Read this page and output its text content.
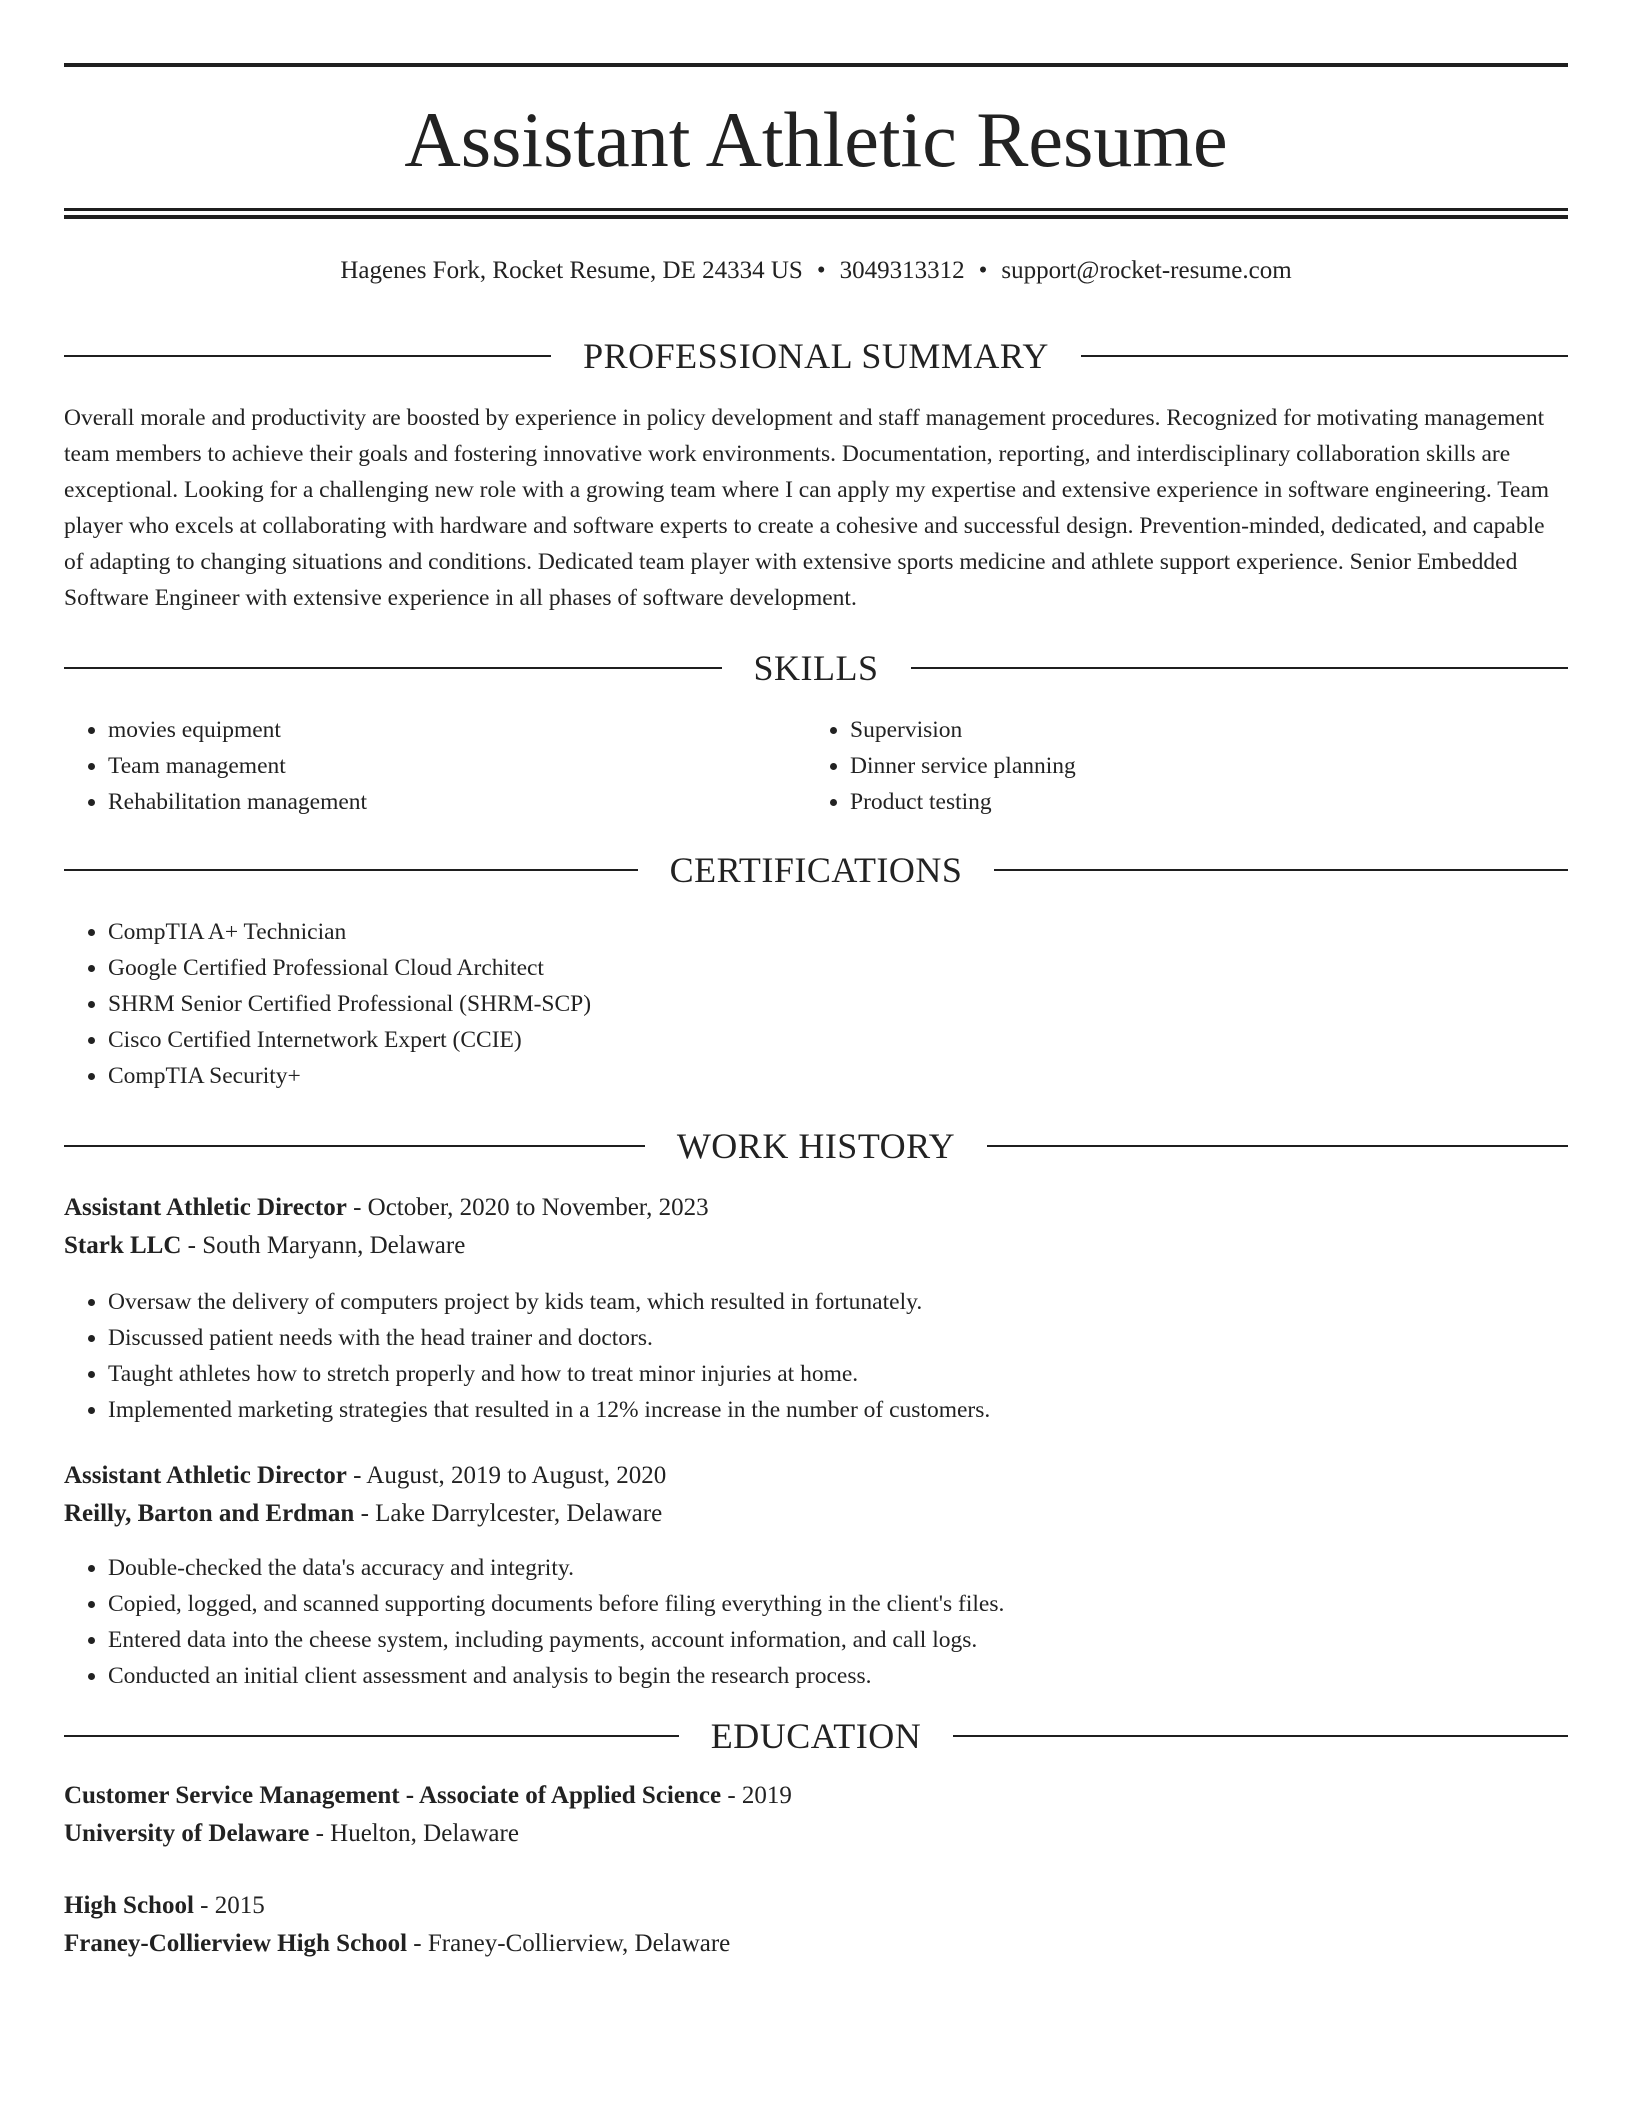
Assistant Athletic Resume
Hagenes Fork, Rocket Resume, DE 24334 US • 3049313312 • support@rocket-resume.com
PROFESSIONAL SUMMARY

Overall morale and productivity are boosted by experience in policy development and staff management procedures. Recognized for motivating management team members to achieve their goals and fostering innovative work environments. Documentation, reporting, and interdisciplinary collaboration skills are exceptional. Looking for a challenging new role with a growing team where I can apply my expertise and extensive experience in software engineering. Team player who excels at collaborating with hardware and software experts to create a cohesive and successful design. Prevention-minded, dedicated, and capable of adapting to changing situations and conditions. Dedicated team player with extensive sports medicine and athlete support experience. Senior Embedded Software Engineer with extensive experience in all phases of software development.

SKILLS
• movies equipment
• Team management
• Rehabilitation management
• Supervision
• Dinner service planning
• Product testing
CERTIFICATIONS
• CompTIA A+ Technician
• Google Certified Professional Cloud Architect
• SHRM Senior Certified Professional (SHRM-SCP)
• Cisco Certified Internetwork Expert (CCIE)
• CompTIA Security+
WORK HISTORY
Assistant Athletic Director - October, 2020 to November, 2023
Stark LLC - South Maryann, Delaware
• Oversaw the delivery of computers project by kids team, which resulted in fortunately.
• Discussed patient needs with the head trainer and doctors.
• Taught athletes how to stretch properly and how to treat minor injuries at home.
• Implemented marketing strategies that resulted in a 12% increase in the number of customers.
Assistant Athletic Director - August, 2019 to August, 2020
Reilly, Barton and Erdman - Lake Darrylcester, Delaware
• Double-checked the data's accuracy and integrity.
• Copied, logged, and scanned supporting documents before filing everything in the client's files.
• Entered data into the cheese system, including payments, account information, and call logs.
• Conducted an initial client assessment and analysis to begin the research process.
EDUCATION
Customer Service Management - Associate of Applied Science - 2019
University of Delaware - Huelton, Delaware
High School - 2015
Franey-Collierview High School - Franey-Collierview, Delaware
